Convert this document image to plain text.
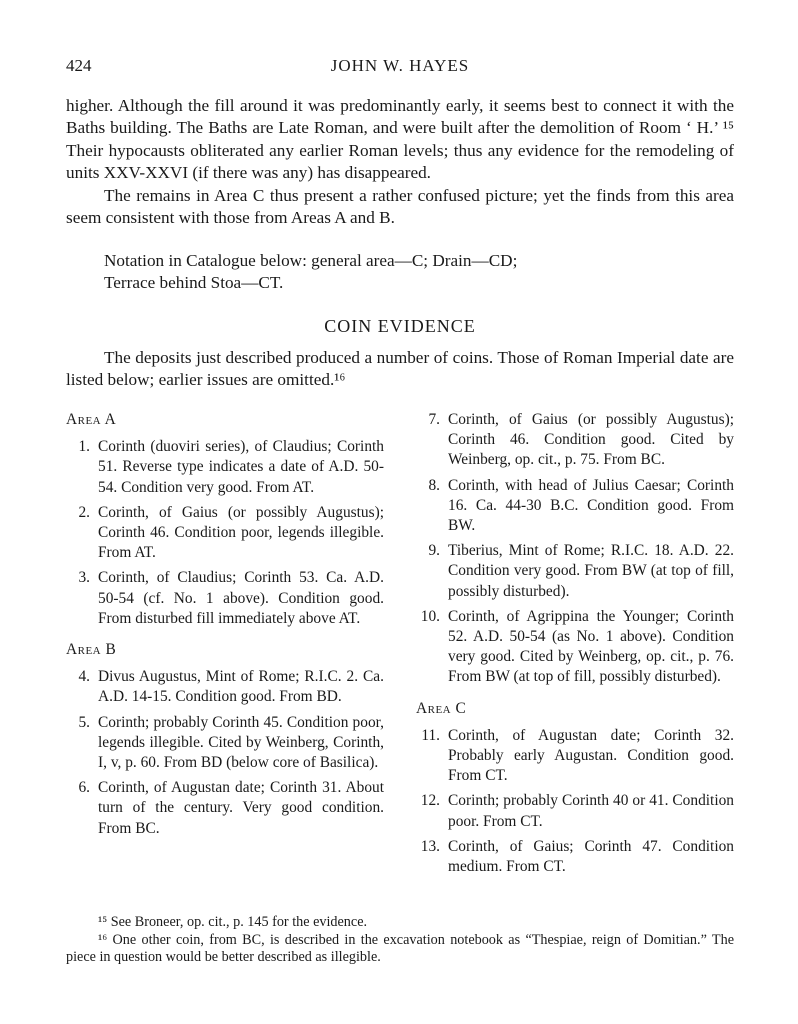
424	JOHN W. HAYES

higher. Although the fill around it was predominantly early, it seems best to connect it with the Baths building. The Baths are Late Roman, and were built after the demolition of Room ‘ H.’ ¹⁵ Their hypocausts obliterated any earlier Roman levels; thus any evidence for the remodeling of units XXV-XXVI (if there was any) has disappeared.

The remains in Area C thus present a rather confused picture; yet the finds from this area seem consistent with those from Areas A and B.

Notation in Catalogue below: general area—C; Drain—CD;
Terrace behind Stoa—CT.
COIN EVIDENCE
The deposits just described produced a number of coins. Those of Roman Imperial date are listed below; earlier issues are omitted.¹⁶
Area A
1. Corinth (duoviri series), of Claudius; Corinth 51. Reverse type indicates a date of A.D. 50-54. Condition very good. From AT.
2. Corinth, of Gaius (or possibly Augustus); Corinth 46. Condition poor, legends illegible. From AT.
3. Corinth, of Claudius; Corinth 53. Ca. A.D. 50-54 (cf. No. 1 above). Condition good. From disturbed fill immediately above AT.
Area B
4. Divus Augustus, Mint of Rome; R.I.C. 2. Ca. A.D. 14-15. Condition good. From BD.
5. Corinth; probably Corinth 45. Condition poor, legends illegible. Cited by Weinberg, Corinth, I, v, p. 60. From BD (below core of Basilica).
6. Corinth, of Augustan date; Corinth 31. About turn of the century. Very good condition. From BC.
7. Corinth, of Gaius (or possibly Augustus); Corinth 46. Condition good. Cited by Weinberg, op. cit., p. 75. From BC.
8. Corinth, with head of Julius Caesar; Corinth 16. Ca. 44-30 B.C. Condition good. From BW.
9. Tiberius, Mint of Rome; R.I.C. 18. A.D. 22. Condition very good. From BW (at top of fill, possibly disturbed).
10. Corinth, of Agrippina the Younger; Corinth 52. A.D. 50-54 (as No. 1 above). Condition very good. Cited by Weinberg, op. cit., p. 76. From BW (at top of fill, possibly disturbed).
Area C
11. Corinth, of Augustan date; Corinth 32. Probably early Augustan. Condition good. From CT.
12. Corinth; probably Corinth 40 or 41. Condition poor. From CT.
13. Corinth, of Gaius; Corinth 47. Condition medium. From CT.

¹⁵ See Broneer, op. cit., p. 145 for the evidence.

¹⁶ One other coin, from BC, is described in the excavation notebook as “Thespiae, reign of Domitian.” The piece in question would be better described as illegible.
